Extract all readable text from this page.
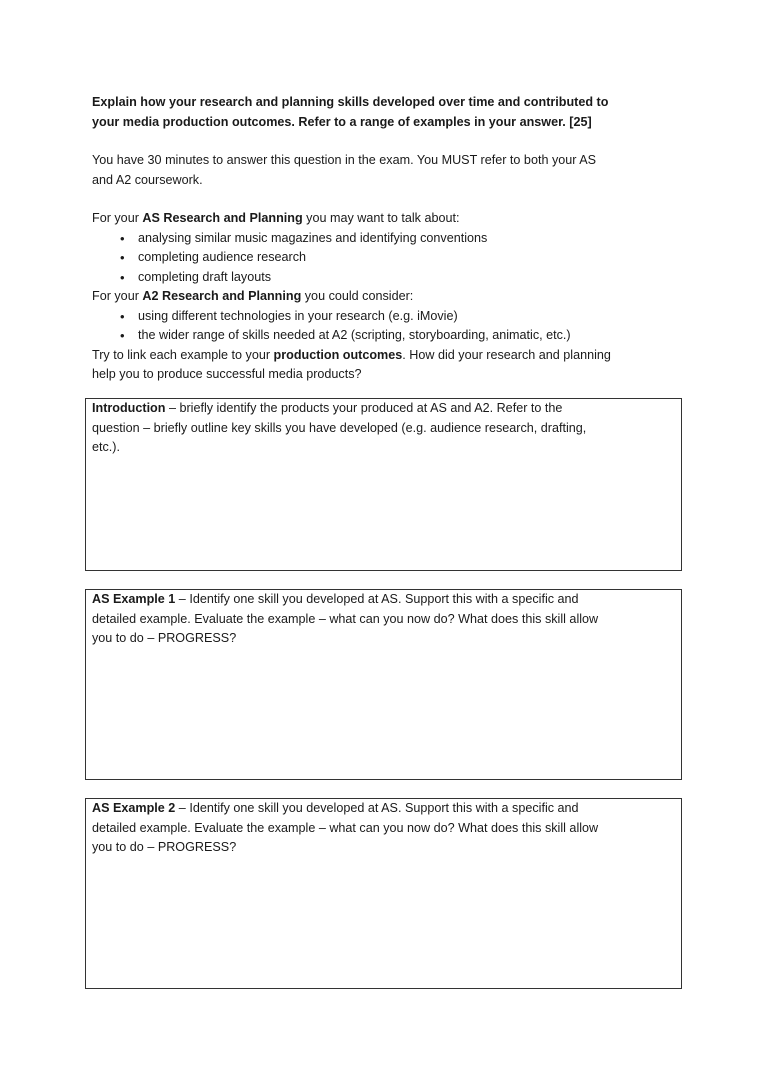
Explain how your research and planning skills developed over time and contributed to
your media production outcomes. Refer to a range of examples in your answer. [25]

You have 30 minutes to answer this question in the exam. You MUST refer to both your AS
and A2 coursework.

For your AS Research and Planning you may want to talk about:

• analysing similar music magazines and identifying conventions
• completing audience research
• completing draft layouts

For your A2 Research and Planning you could consider:

• using different technologies in your research (e.g. iMovie)
• the wider range of skills needed at A2 (scripting, storyboarding, animatic, etc.)

Try to link each example to your production outcomes. How did your research and planning
help you to produce successful media products?

Introduction – briefly identify the products your produced at AS and A2. Refer to the
question – briefly outline key skills you have developed (e.g. audience research, drafting,
etc.).

AS Example 1 – Identify one skill you developed at AS. Support this with a specific and
detailed example. Evaluate the example – what can you now do? What does this skill allow
you to do – PROGRESS?

AS Example 2 – Identify one skill you developed at AS. Support this with a specific and
detailed example. Evaluate the example – what can you now do? What does this skill allow
you to do – PROGRESS?
